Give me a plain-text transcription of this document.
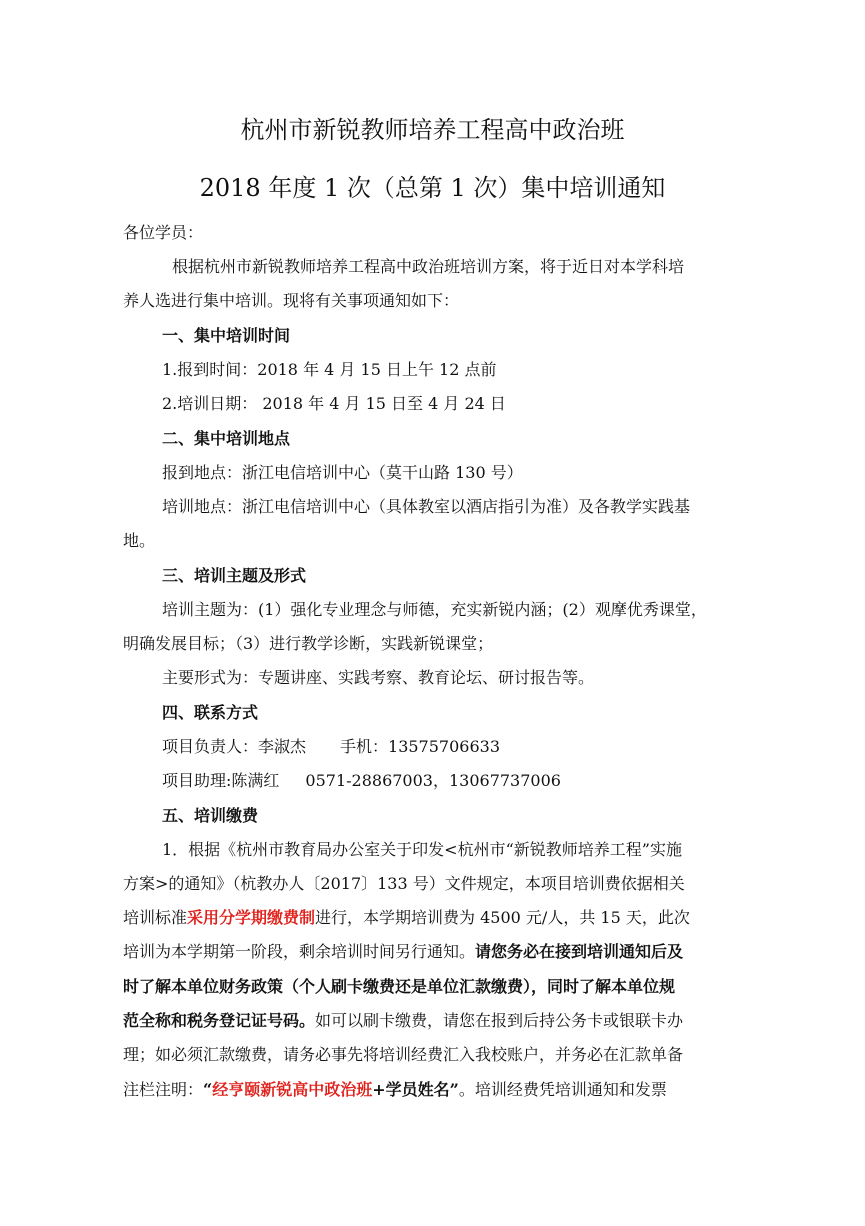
杭州市新锐教师培养工程高中政治班
2018 年度 1 次（总第 1 次）集中培训通知
各位学员：
根据杭州市新锐教师培养工程高中政治班培训方案，将于近日对本学科培
养人选进行集中培训。现将有关事项通知如下：
一、集中培训时间
1.报到时间：2018 年 4 月 15 日上午 12 点前
2.培训日期： 2018 年 4 月 15 日至 4 月 24 日
二、集中培训地点
报到地点：浙江电信培训中心（莫干山路 130 号）
培训地点：浙江电信培训中心（具体教室以酒店指引为准）及各教学实践基
地。
三、培训主题及形式
培训主题为：(1）强化专业理念与师德，充实新锐内涵；(2）观摩优秀课堂，
明确发展目标；（3）进行教学诊断，实践新锐课堂；
主要形式为：专题讲座、实践考察、教育论坛、研讨报告等。
四、联系方式
项目负责人：李淑杰 手机：13575706633
项目助理:陈满红 0571-28867003，13067737006
五、培训缴费
1．根据《杭州市教育局办公室关于印发<杭州市“新锐教师培养工程”实施
方案>的通知》（杭教办人〔2017〕133 号）文件规定，本项目培训费依据相关
培训标准采用分学期缴费制进行，本学期培训费为 4500 元/人，共 15 天，此次
培训为本学期第一阶段，剩余培训时间另行通知。请您务必在接到培训通知后及
时了解本单位财务政策（个人刷卡缴费还是单位汇款缴费），同时了解本单位规
范全称和税务登记证号码。如可以刷卡缴费，请您在报到后持公务卡或银联卡办
理；如必须汇款缴费，请务必事先将培训经费汇入我校账户，并务必在汇款单备
注栏注明：“经亨颐新锐高中政治班+学员姓名”。培训经费凭培训通知和发票
